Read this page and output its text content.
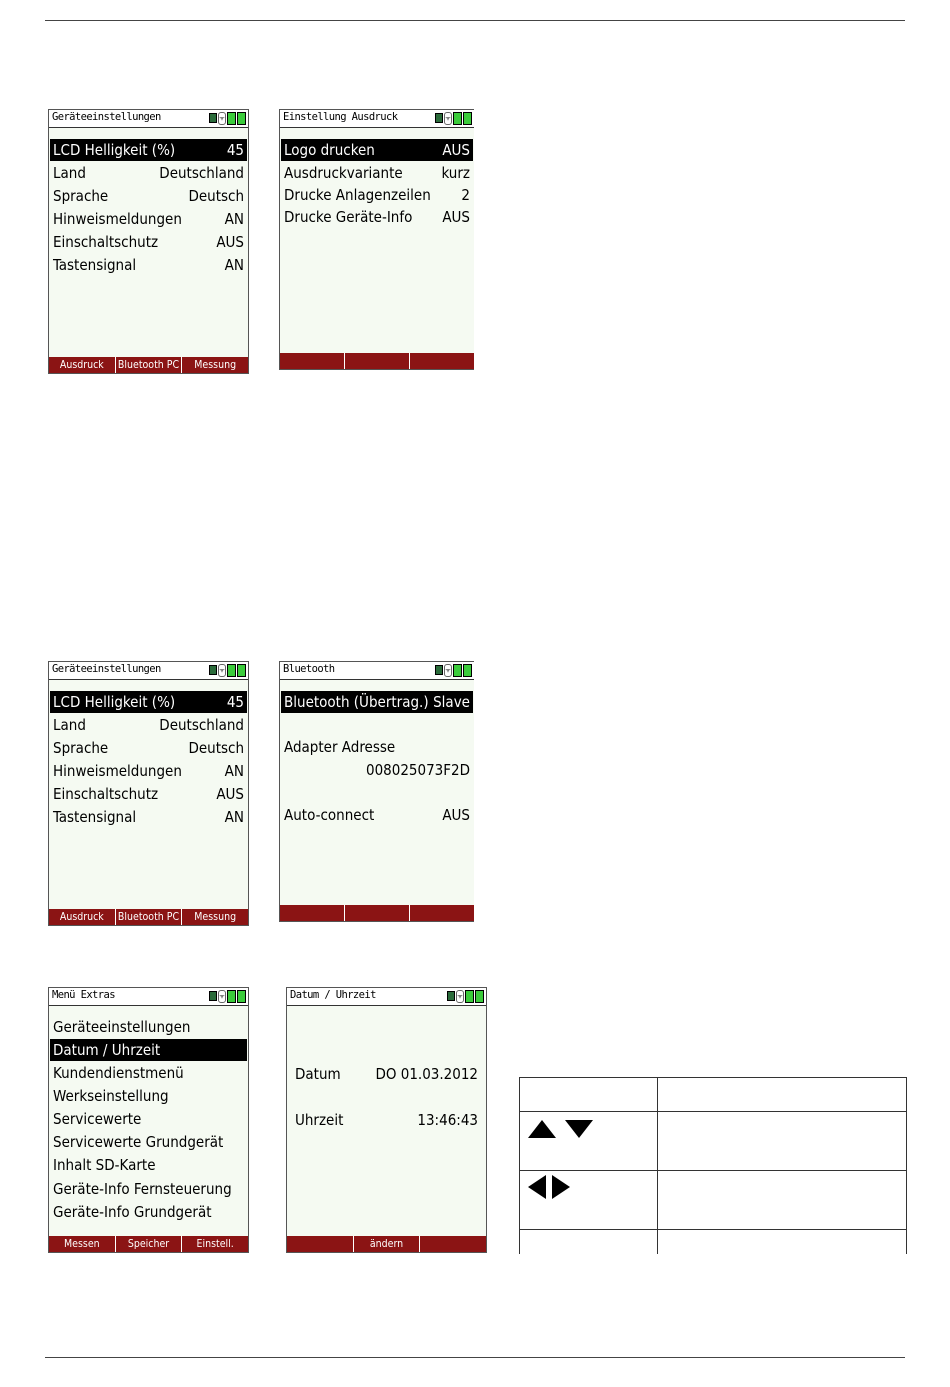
Geräteeinstellungen	ᯤ
LCD Helligkeit (%)	45
Land	Deutschland
Sprache	Deutsch
Hinweismeldungen	AN
Einschaltschutz	AUS
Tastensignal	AN
Ausdruck	Bluetooth PC	Messung
Einstellung Ausdruck	ᯤ
Logo drucken	AUS
Ausdruckvariante	kurz
Drucke Anlagenzeilen 2
Drucke Geräte-Info AUS
Geräteeinstellungen	ᯤ
LCD Helligkeit (%)	45
Land	Deutschland
Sprache	Deutsch
Hinweismeldungen	AN
Einschaltschutz	AUS
Tastensignal	AN
Ausdruck	Bluetooth PC	Messung
Bluetooth	ᯤ
Bluetooth (Übertrag.) Slave
Adapter Adresse
008025073F2D
Auto-connect	AUS
Menü Extras	ᯤ
Geräteeinstellungen
Datum / Uhrzeit
Kundendienstmenü
Werkseinstellung
Servicewerte
Servicewerte Grundgerät
Inhalt SD-Karte
Geräte-Info Fernsteuerung
Geräte-Info Grundgerät
Messen	Speicher	Einstell.
Datum / Uhrzeit	ᯤ
Datum DO 01.03.2012
Uhrzeit	13:46:43
ändern
